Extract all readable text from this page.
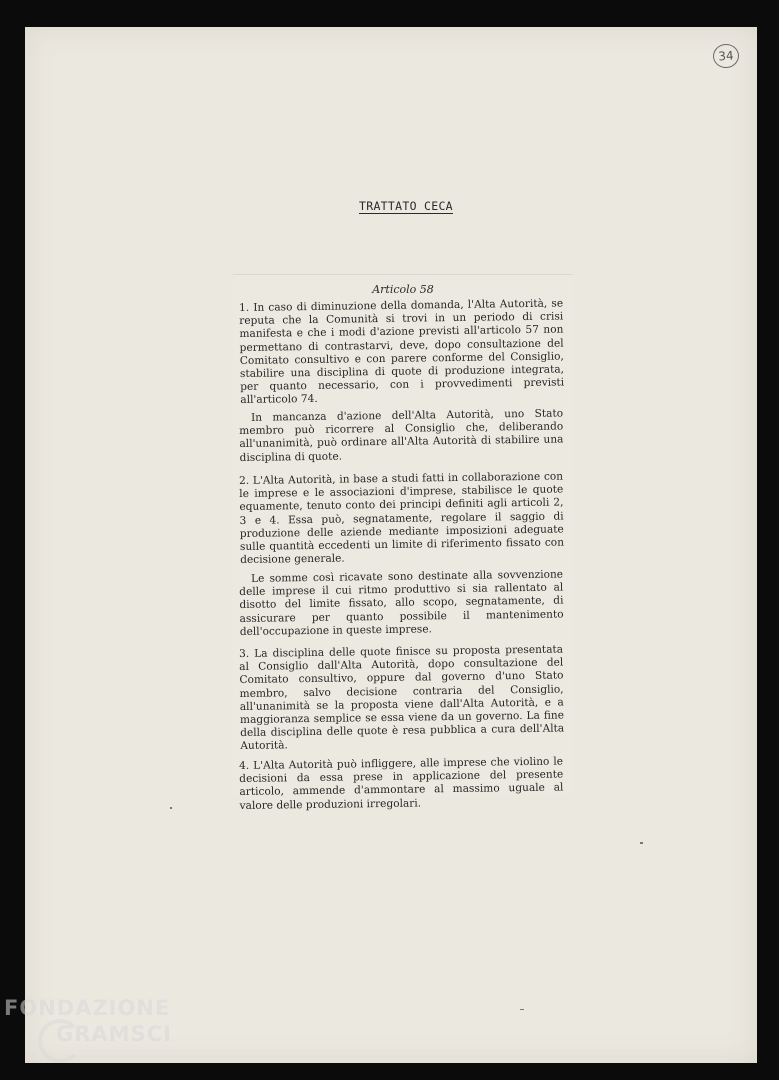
34
TRATTATO CECA
Articolo 58

1. In caso di diminuzione della domanda, l'Alta Autorità, se reputa che la Comunità si trovi in un periodo di crisi manifesta e che i modi d'azione previsti all'articolo 57 non permettano di contrastarvi, deve, dopo consultazione del Comitato consultivo e con parere conforme del Consiglio, stabilire una disciplina di quote di produzione integrata, per quanto necessario, con i provvedimenti previsti all'articolo 74.

In mancanza d'azione dell'Alta Autorità, uno Stato membro può ricorrere al Consiglio che, deliberando all'unanimità, può ordinare all'Alta Autorità di stabilire una disciplina di quote.

2. L'Alta Autorità, in base a studi fatti in collaborazione con le imprese e le associazioni d'imprese, stabilisce le quote equamente, tenuto conto dei principi definiti agli articoli 2, 3 e 4. Essa può, segnatamente, regolare il saggio di produzione delle aziende mediante imposizioni adeguate sulle quantità eccedenti un limite di riferimento fissato con decisione generale.

Le somme così ricavate sono destinate alla sovvenzione delle imprese il cui ritmo produttivo si sia rallentato al disotto del limite fissato, allo scopo, segnatamente, di assicurare per quanto possibile il mantenimento dell'occupazione in queste imprese.

3. La disciplina delle quote finisce su proposta presentata al Consiglio dall'Alta Autorità, dopo consultazione del Comitato consultivo, oppure dal governo d'uno Stato membro, salvo decisione contraria del Consiglio, all'unanimità se la proposta viene dall'Alta Autorità, e a maggioranza semplice se essa viene da un governo. La fine della disciplina delle quote è resa pubblica a cura dell'Alta Autorità.

4. L'Alta Autorità può infliggere, alle imprese che violino le decisioni da essa prese in applicazione del presente articolo, ammende d'ammontare al massimo uguale al valore delle produzioni irregolari.

FONDAZIONE
GRAMSCI
